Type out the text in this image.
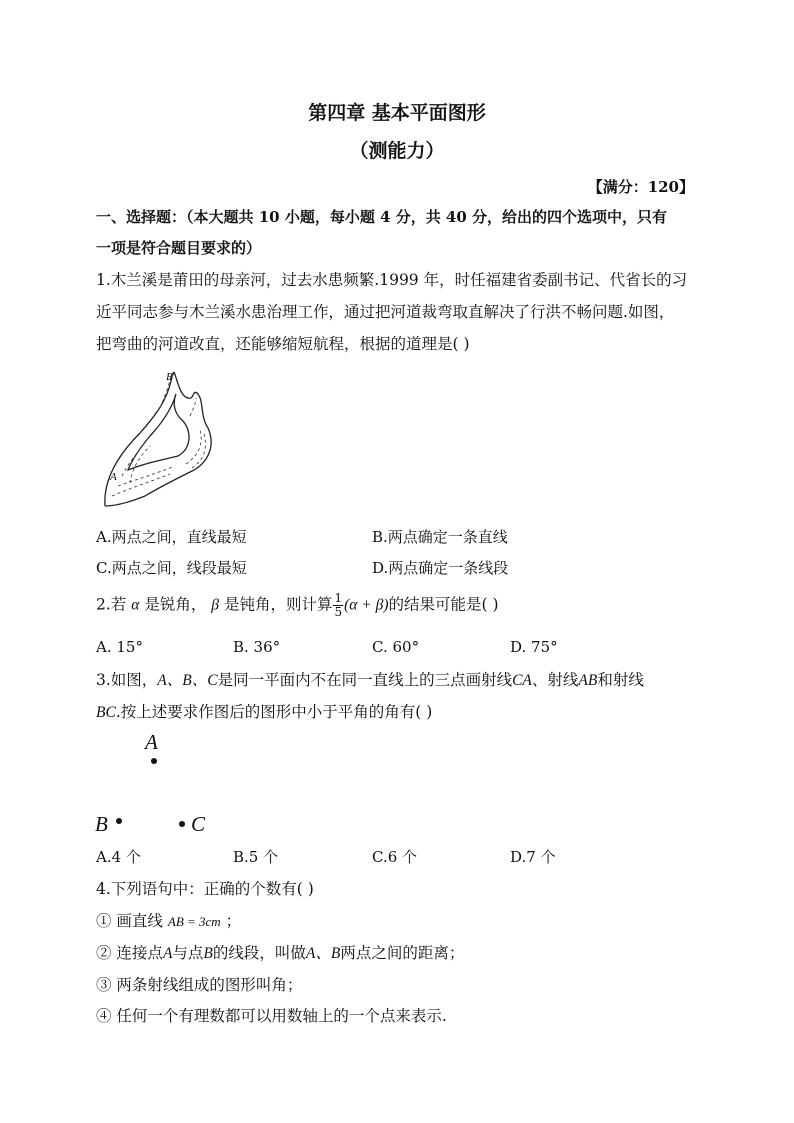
第四章 基本平面图形
（测能力）
【满分：120】
一、选择题：（本大题共 10 小题，每小题 4 分，共 40 分，给出的四个选项中，只有
一项是符合题目要求的）
1.木兰溪是莆田的母亲河，过去水患频繁.1999 年，时任福建省委副书记、代省长的习
近平同志参与木兰溪水患治理工作，通过把河道裁弯取直解决了行洪不畅问题.如图，
把弯曲的河道改直，还能够缩短航程，根据的道理是( )
B
A
A.两点之间，直线最短	B.两点确定一条直线
C.两点之间，线段最短	D.两点确定一条线段
2.若 α 是锐角， β 是钝角，则计算 $\frac{1}{5} (\alpha + \beta)$的结果可能是( )
A. 15°	B. 36°	C. 60°	D. 75°
3.如图，A、B、C是同一平面内不在同一直线上的三点画射线CA、射线AB和射线
BC.按上述要求作图后的图形中小于平角的角有( )
A
B	C
A.4 个	B.5 个	C.6 个	D.7 个
4.下列语句中：正确的个数有( )
① 画直线 AB = 3cm ；
② 连接点A与点B的线段，叫做A、B两点之间的距离；
③ 两条射线组成的图形叫角；
④ 任何一个有理数都可以用数轴上的一个点来表示.
